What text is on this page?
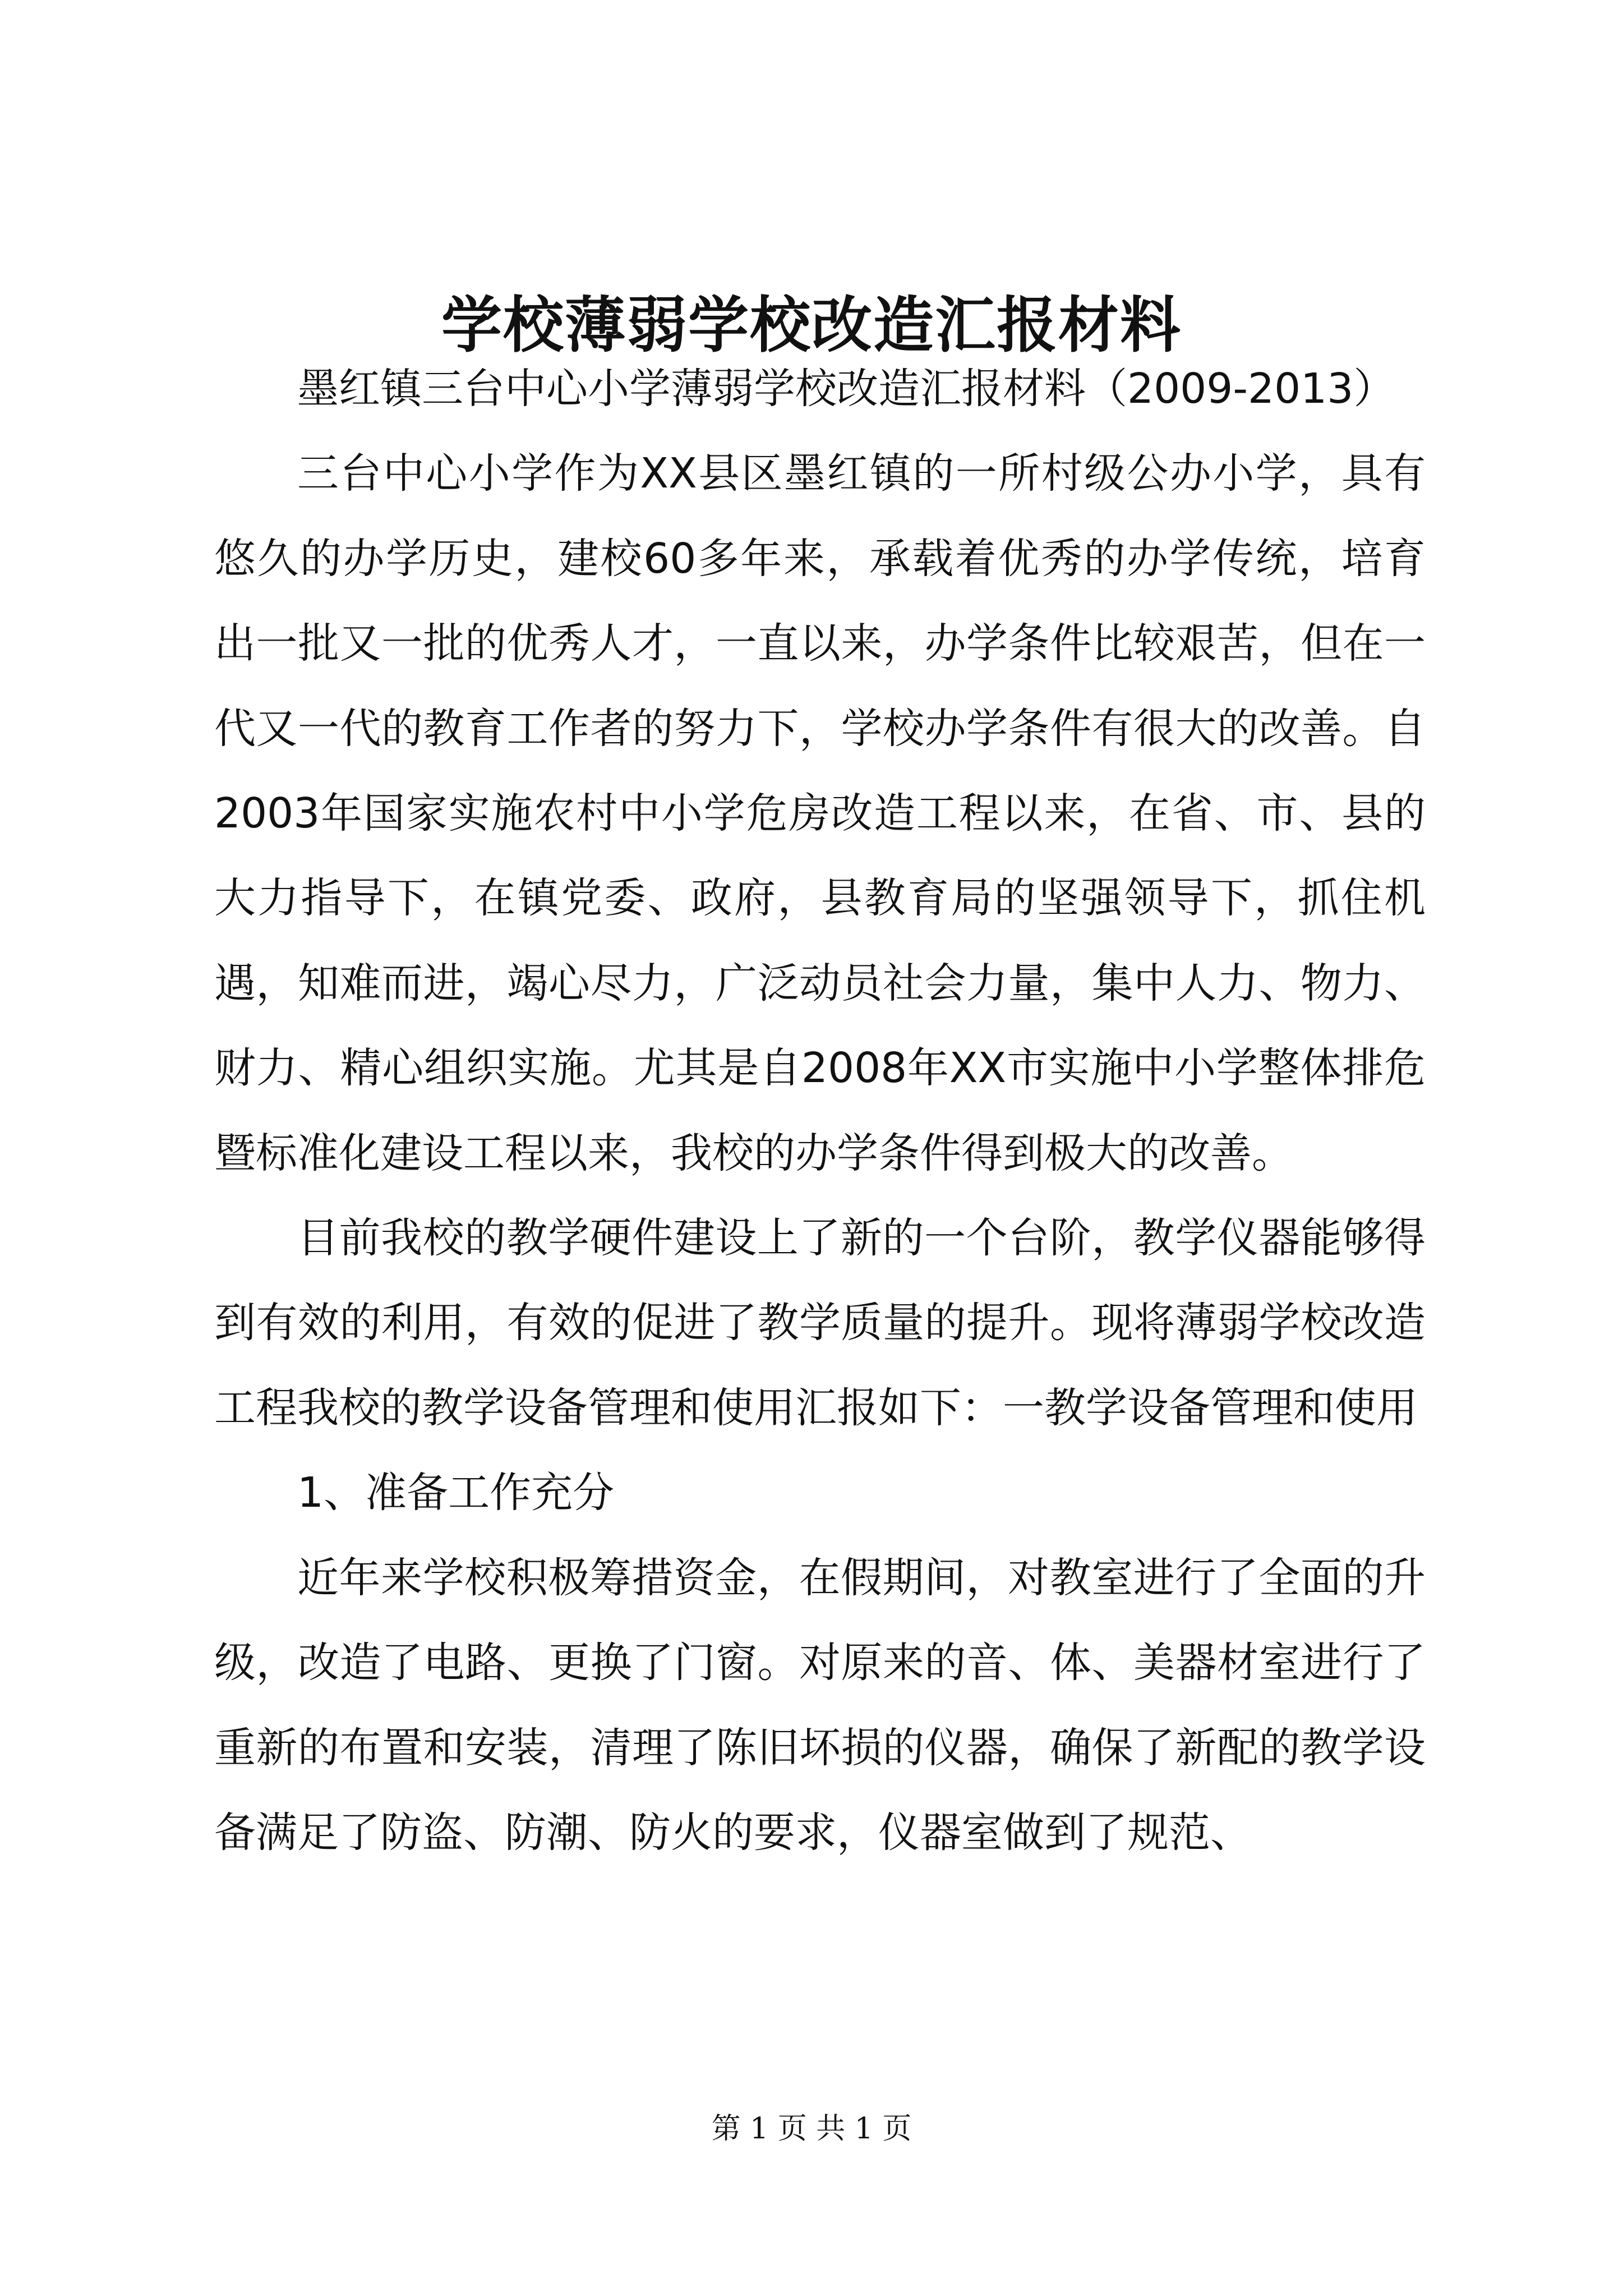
学校薄弱学校改造汇报材料

墨红镇三台中心小学薄弱学校改造汇报材料（2009-2013）

三台中心小学作为XX县区墨红镇的一所村级公办小学，具有悠久的办学历史，建校60多年来，承载着优秀的办学传统，培育出一批又一批的优秀人才，一直以来，办学条件比较艰苦，但在一代又一代的教育工作者的努力下，学校办学条件有很大的改善。自2003年国家实施农村中小学危房改造工程以来，在省、市、县的大力指导下，在镇党委、政府，县教育局的坚强领导下，抓住机遇，知难而进，竭心尽力，广泛动员社会力量，集中人力、物力、财力、精心组织实施。尤其是自2008年XX市实施中小学整体排危暨标准化建设工程以来，我校的办学条件得到极大的改善。

目前我校的教学硬件建设上了新的一个台阶，教学仪器能够得到有效的利用，有效的促进了教学质量的提升。现将薄弱学校改造工程我校的教学设备管理和使用汇报如下：一教学设备管理和使用

1、准备工作充分

近年来学校积极筹措资金，在假期间，对教室进行了全面的升级，改造了电路、更换了门窗。对原来的音、体、美器材室进行了重新的布置和安装，清理了陈旧坏损的仪器，确保了新配的教学设备满足了防盗、防潮、防火的要求，仪器室做到了规范、

第 1 页 共 1 页
